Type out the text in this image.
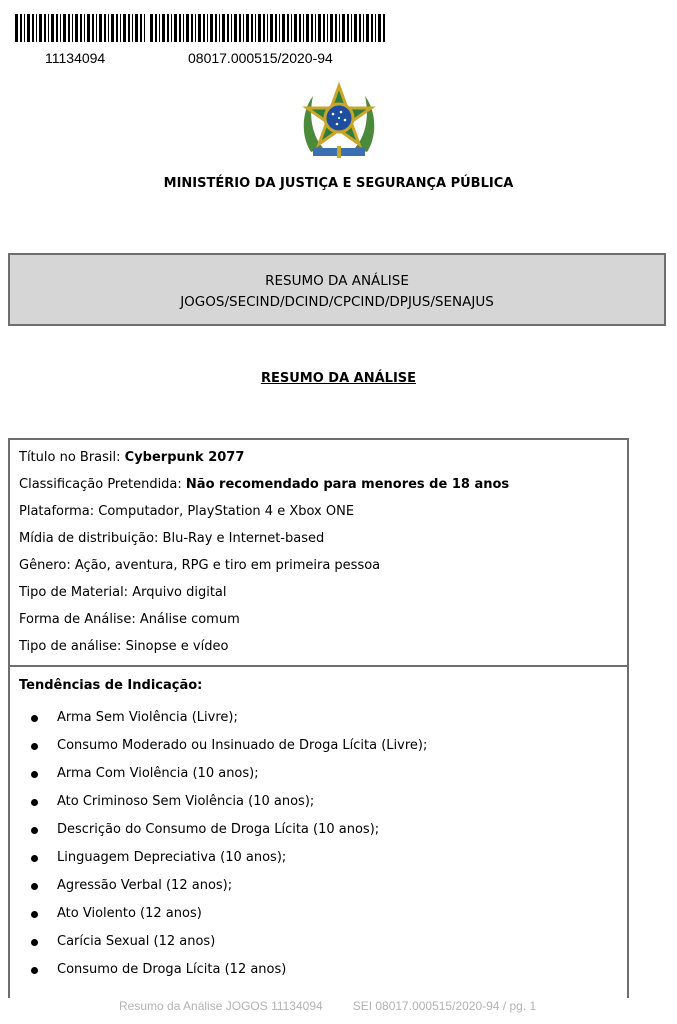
11134094	08017.000515/2020-94
MINISTÉRIO DA JUSTIÇA E SEGURANÇA PÚBLICA
RESUMO DA ANÁLISE
JOGOS/SECIND/DCIND/CPCIND/DPJUS/SENAJUS
RESUMO DA ANÁLISE
Título no Brasil: Cyberpunk 2077
Classificação Pretendida: Não recomendado para menores de 18 anos
Plataforma: Computador, PlayStation 4 e Xbox ONE
Mídia de distribuição: Blu-Ray e Internet-based
Gênero: Ação, aventura, RPG e tiro em primeira pessoa
Tipo de Material: Arquivo digital
Forma de Análise: Análise comum
Tipo de análise: Sinopse e vídeo
Tendências de Indicação:
Arma Sem Violência (Livre);
Consumo Moderado ou Insinuado de Droga Lícita (Livre);
Arma Com Violência (10 anos);
Ato Criminoso Sem Violência (10 anos);
Descrição do Consumo de Droga Lícita (10 anos);
Linguagem Depreciativa (10 anos);
Agressão Verbal (12 anos);
Ato Violento (12 anos)
Carícia Sexual (12 anos)
Consumo de Droga Lícita (12 anos)
Resumo da Análise JOGOS 11134094	SEI 08017.000515/2020-94 / pg. 1
